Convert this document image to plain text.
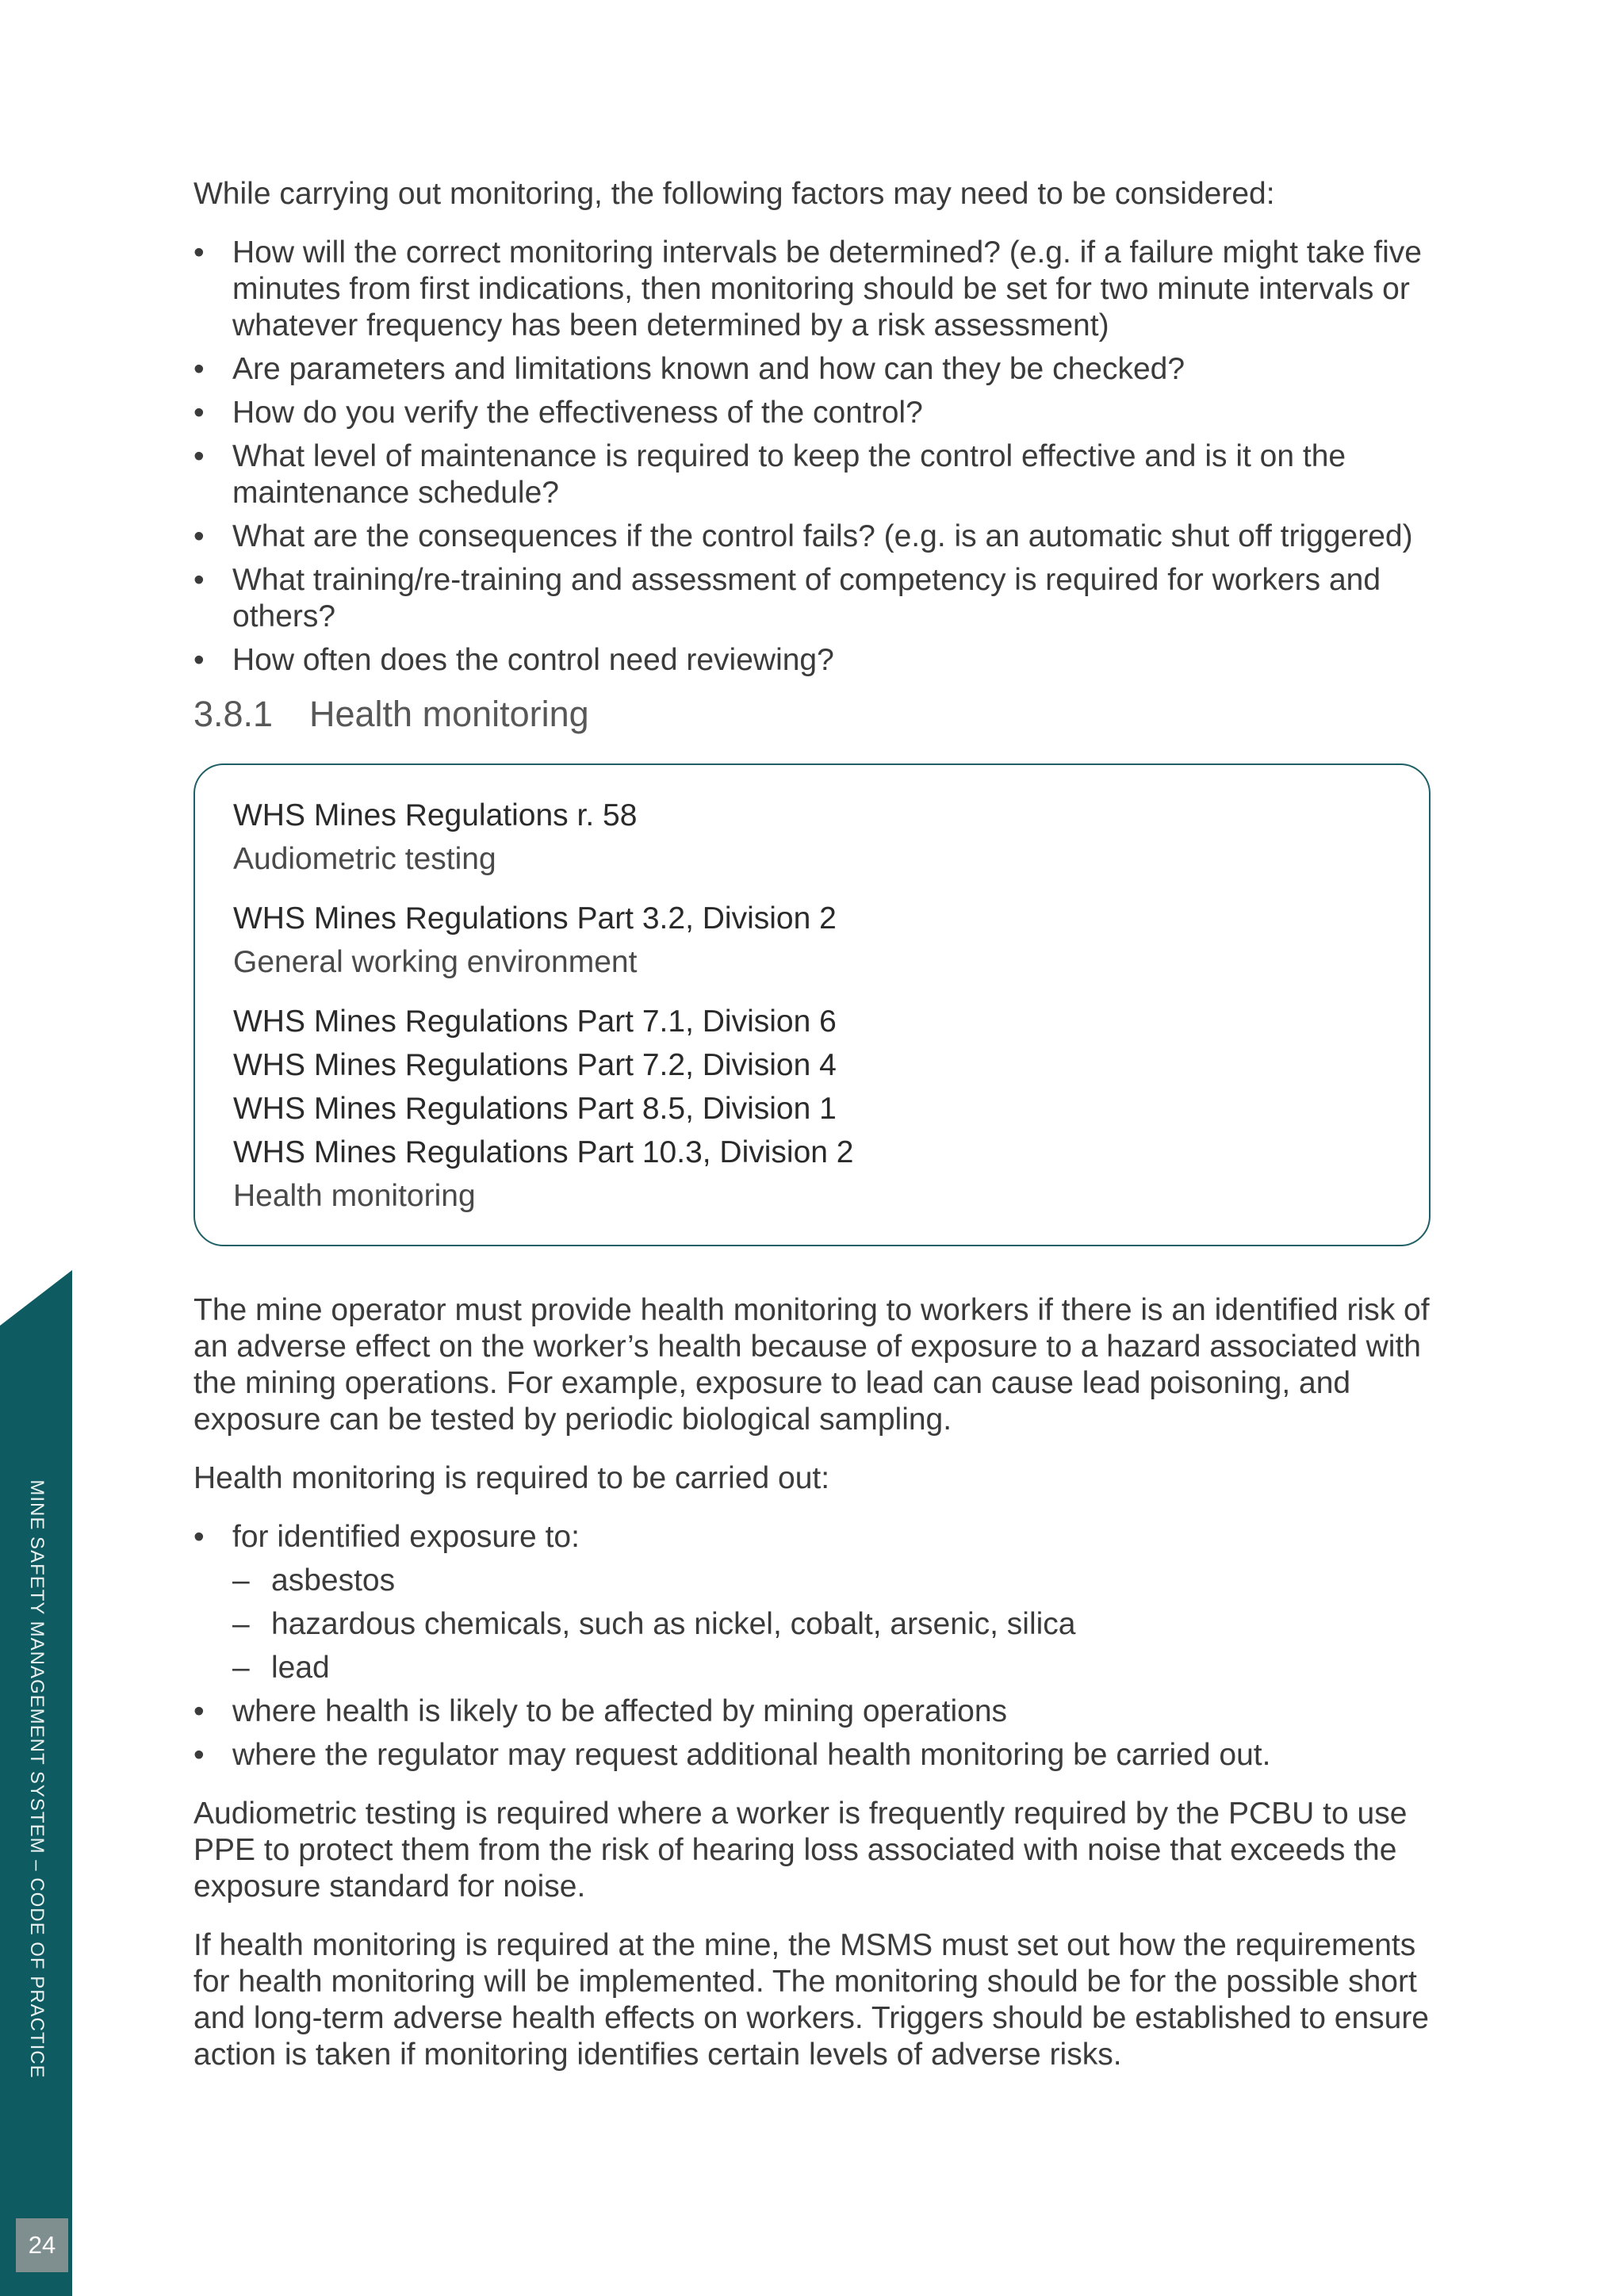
While carrying out monitoring, the following factors may need to be considered:

• How will the correct monitoring intervals be determined? (e.g. if a failure might take five minutes from first indications, then monitoring should be set for two minute intervals or whatever frequency has been determined by a risk assessment)
• Are parameters and limitations known and how can they be checked?
• How do you verify the effectiveness of the control?
• What level of maintenance is required to keep the control effective and is it on the maintenance schedule?
• What are the consequences if the control fails? (e.g. is an automatic shut off triggered)
• What training/re-training and assessment of competency is required for workers and others?
• How often does the control need reviewing?
3.8.1 Health monitoring
WHS Mines Regulations r. 58
Audiometric testing
WHS Mines Regulations Part 3.2, Division 2
General working environment
WHS Mines Regulations Part 7.1, Division 6
WHS Mines Regulations Part 7.2, Division 4
WHS Mines Regulations Part 8.5, Division 1
WHS Mines Regulations Part 10.3, Division 2
Health monitoring

The mine operator must provide health monitoring to workers if there is an identified risk of an adverse effect on the worker’s health because of exposure to a hazard associated with the mining operations. For example, exposure to lead can cause lead poisoning, and exposure can be tested by periodic biological sampling.

Health monitoring is required to be carried out:

• for identified exposure to:
– asbestos
– hazardous chemicals, such as nickel, cobalt, arsenic, silica
– lead
• where health is likely to be affected by mining operations
• where the regulator may request additional health monitoring be carried out.

Audiometric testing is required where a worker is frequently required by the PCBU to use PPE to protect them from the risk of hearing loss associated with noise that exceeds the exposure standard for noise.

If health monitoring is required at the mine, the MSMS must set out how the requirements for health monitoring will be implemented. The monitoring should be for the possible short and long-term adverse health effects on workers. Triggers should be established to ensure action is taken if monitoring identifies certain levels of adverse risks.

MINE SAFETY MANAGEMENT SYSTEM – CODE OF PRACTICE
24
